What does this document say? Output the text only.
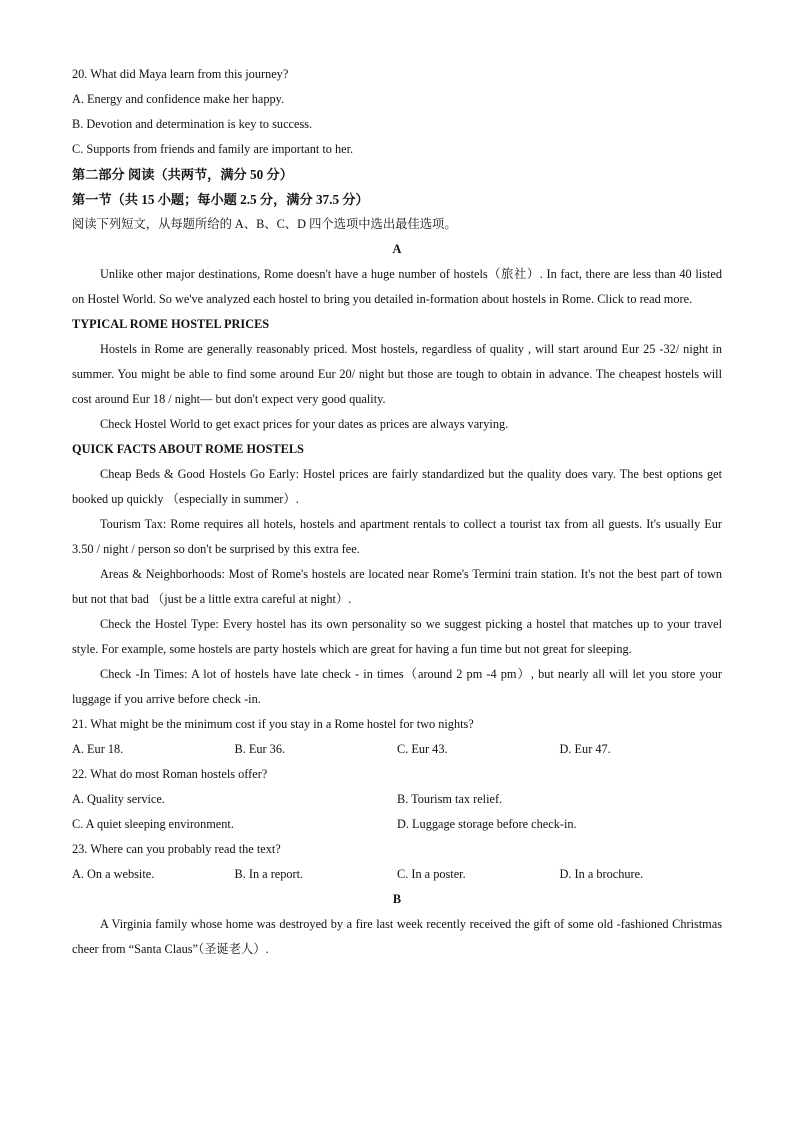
20. What did Maya learn from this journey?
A. Energy and confidence make her happy.
B. Devotion and determination is key to success.
C. Supports from friends and family are important to her.
第二部分 阅读（共两节，满分 50 分）
第一节（共 15 小题；每小题 2.5 分，满分 37.5 分）
阅读下列短文，从每题所给的 A、B、C、D 四个选项中选出最佳选项。
A
Unlike other major destinations, Rome doesn't have a huge number of hostels（旅社）. In fact, there are less than 40 listed on Hostel World. So we've analyzed each hostel to bring you detailed in-formation about hostels in Rome. Click to read more.
TYPICAL ROME HOSTEL PRICES
Hostels in Rome are generally reasonably priced. Most hostels, regardless of quality , will start around Eur 25 -32/ night in summer. You might be able to find some around Eur 20/ night but those are tough to obtain in advance. The cheapest hostels will cost around Eur 18 / night— but don't expect very good quality.
Check Hostel World to get exact prices for your dates as prices are always varying.
QUICK FACTS ABOUT ROME HOSTELS
Cheap Beds & Good Hostels Go Early: Hostel prices are fairly standardized but the quality does vary. The best options get booked up quickly （especially in summer）.
Tourism Tax: Rome requires all hotels, hostels and apartment rentals to collect a tourist tax from all guests. It's usually Eur 3.50 / night / person so don't be surprised by this extra fee.
Areas & Neighborhoods: Most of Rome's hostels are located near Rome's Termini train station. It's not the best part of town but not that bad （just be a little extra careful at night）.
Check the Hostel Type: Every hostel has its own personality so we suggest picking a hostel that matches up to your travel style. For example, some hostels are party hostels which are great for having a fun time but not great for sleeping.
Check -In Times: A lot of hostels have late check - in times（around 2 pm -4 pm）, but nearly all will let you store your luggage if you arrive before check -in.
21. What might be the minimum cost if you stay in a Rome hostel for two nights?
A. Eur 18.	B. Eur 36.	C. Eur 43.	D. Eur 47.
22. What do most Roman hostels offer?
A. Quality service.	B. Tourism tax relief.
C. A quiet sleeping environment.	D. Luggage storage before check-in.
23. Where can you probably read the text?
A. On a website.	B. In a report.	C. In a poster.	D. In a brochure.
B
A Virginia family whose home was destroyed by a fire last week recently received the gift of some old -fashioned Christmas cheer from “Santa Claus”（圣诞老人）.
